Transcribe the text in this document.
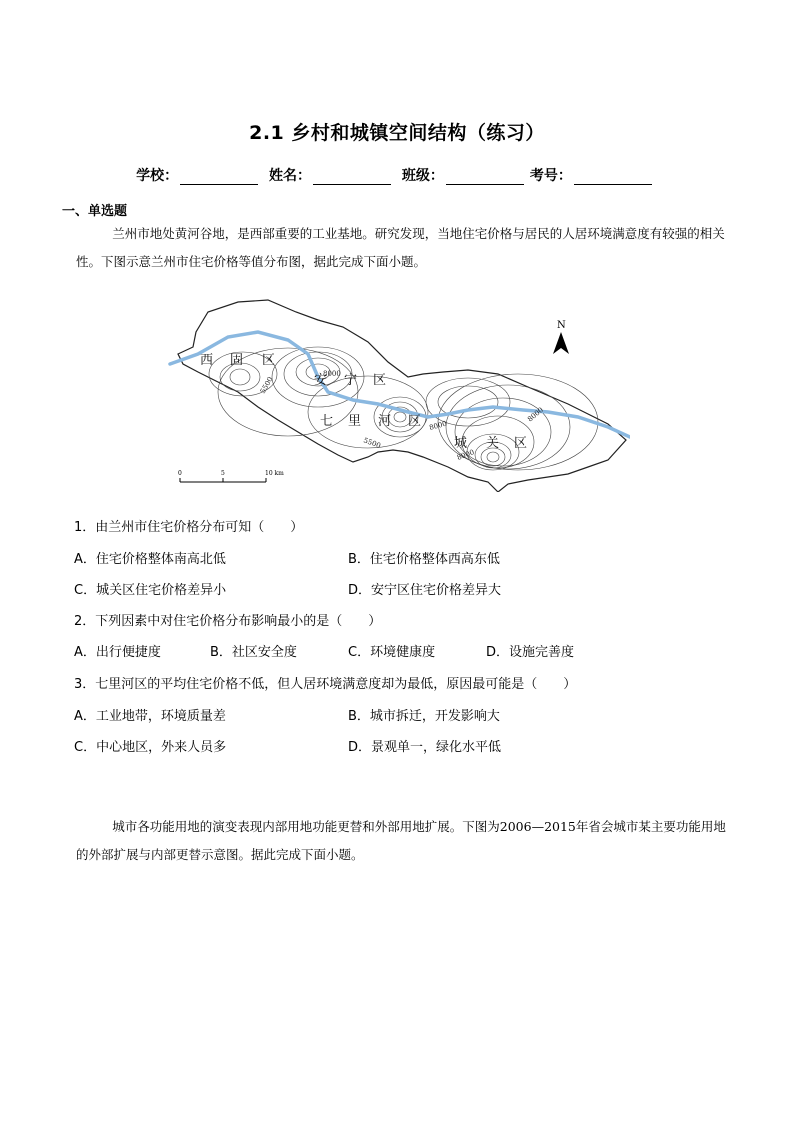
2.1 乡村和城镇空间结构（练习）
学校：	姓名：	班级：	考号：
一、单选题
兰州市地处黄河谷地，是西部重要的工业基地。研究发现，当地住宅价格与居民的人居环境满意度有较强的相关性。下图示意兰州市住宅价格等值分布图，据此完成下面小题。
西 固 区
安 宁 区
七 里 河 区
城 关 区
5500
8000
5500
8000
8000
8000
N
0	5	10 km
1．由兰州市住宅价格分布可知（　　）
A．住宅价格整体南高北低	B．住宅价格整体西高东低
C．城关区住宅价格差异小	D．安宁区住宅价格差异大
2．下列因素中对住宅价格分布影响最小的是（　　）
A．出行便捷度	B．社区安全度	C．环境健康度	D．设施完善度
3．七里河区的平均住宅价格不低，但人居环境满意度却为最低，原因最可能是（　　）
A．工业地带，环境质量差	B．城市拆迁，开发影响大
C．中心地区，外来人员多	D．景观单一，绿化水平低
城市各功能用地的演变表现内部用地功能更替和外部用地扩展。下图为2006—2015年省会城市某主要功能用地的外部扩展与内部更替示意图。据此完成下面小题。
